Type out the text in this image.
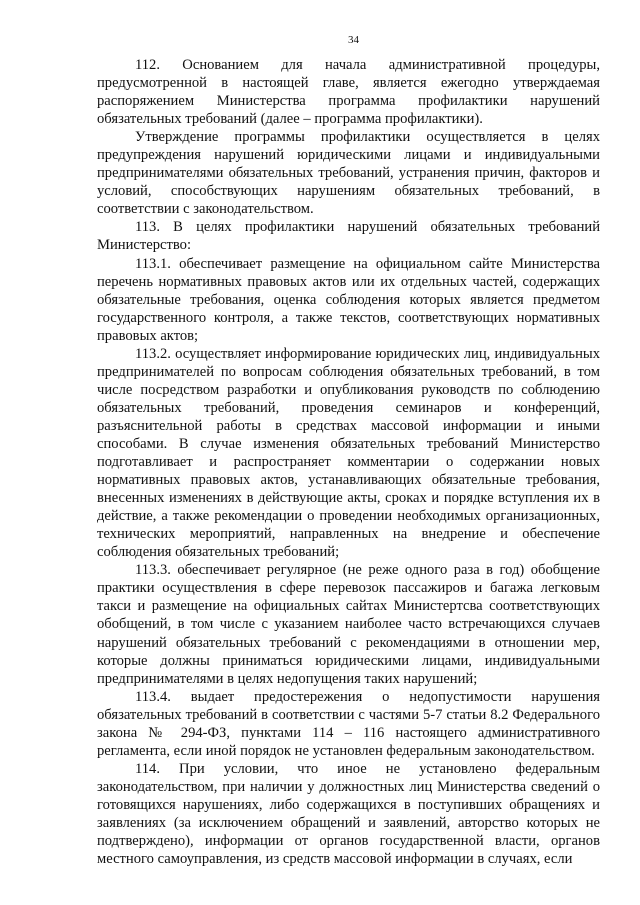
34

112. Основанием для начала административной процедуры, предусмотренной в настоящей главе, является ежегодно утверждаемая распоряжением Министерства программа профилактики нарушений обязательных требований (далее – программа профилактики).

Утверждение программы профилактики осуществляется в целях предупреждения нарушений юридическими лицами и индивидуальными предпринимателями обязательных требований, устранения причин, факторов и условий, способствующих нарушениям обязательных требований, в соответствии с законодательством.

113. В целях профилактики нарушений обязательных требований Министерство:

113.1. обеспечивает размещение на официальном сайте Министерства перечень нормативных правовых актов или их отдельных частей, содержащих обязательные требования, оценка соблюдения которых является предметом государственного контроля, а также текстов, соответствующих нормативных правовых актов;

113.2. осуществляет информирование юридических лиц, индивидуальных предпринимателей по вопросам соблюдения обязательных требований, в том числе посредством разработки и опубликования руководств по соблюдению обязательных требований, проведения семинаров и конференций, разъяснительной работы в средствах массовой информации и иными способами. В случае изменения обязательных требований Министерство подготавливает и распространяет комментарии о содержании новых нормативных правовых актов, устанавливающих обязательные требования, внесенных изменениях в действующие акты, сроках и порядке вступления их в действие, а также рекомендации о проведении необходимых организационных, технических мероприятий, направленных на внедрение и обеспечение соблюдения обязательных требований;

113.3. обеспечивает регулярное (не реже одного раза в год) обобщение практики осуществления в сфере перевозок пассажиров и багажа легковым такси и размещение на официальных сайтах Министертсва соответствующих обобщений, в том числе с указанием наиболее часто встречающихся случаев нарушений обязательных требований с рекомендациями в отношении мер, которые должны приниматься юридическими лицами, индивидуальными предпринимателями в целях недопущения таких нарушений;

113.4. выдает предостережения о недопустимости нарушения обязательных требований в соответствии с частями 5-7 статьи 8.2 Федерального закона № 294-ФЗ, пунктами 114 – 116 настоящего административного регламента, если иной порядок не установлен федеральным законодательством.

114. При условии, что иное не установлено федеральным законодательством, при наличии у должностных лиц Министерства сведений о готовящихся нарушениях, либо содержащихся в поступивших обращениях и заявлениях (за исключением обращений и заявлений, авторство которых не подтверждено), информации от органов государственной власти, органов местного самоуправления, из средств массовой информации в случаях, если
